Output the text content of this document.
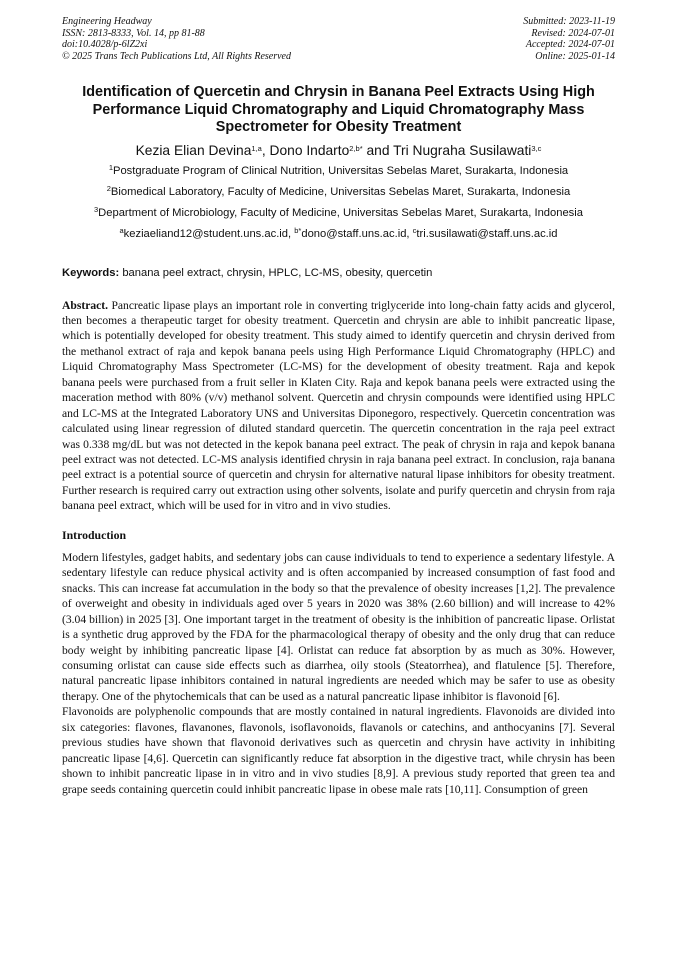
Engineering Headway
ISSN: 2813-8333, Vol. 14, pp 81-88
doi:10.4028/p-6lZ2xi
© 2025 Trans Tech Publications Ltd, All Rights Reserved
Submitted: 2023-11-19
Revised: 2024-07-01
Accepted: 2024-07-01
Online: 2025-01-14
Identification of Quercetin and Chrysin in Banana Peel Extracts Using High Performance Liquid Chromatography and Liquid Chromatography Mass Spectrometer for Obesity Treatment
Kezia Elian Devina$^{1,a}$, Dono Indarto$^{2,b*}$ and Tri Nugraha Susilawati$^{3,c}$
$^1$Postgraduate Program of Clinical Nutrition, Universitas Sebelas Maret, Surakarta, Indonesia
$^2$Biomedical Laboratory, Faculty of Medicine, Universitas Sebelas Maret, Surakarta, Indonesia
$^3$Department of Microbiology, Faculty of Medicine, Universitas Sebelas Maret, Surakarta, Indonesia
$^a$keziaeliand12@student.uns.ac.id, $^{b*}$dono@staff.uns.ac.id, $^c$tri.susilawati@staff.uns.ac.id
Keywords: banana peel extract, chrysin, HPLC, LC-MS, obesity, quercetin
Abstract. Pancreatic lipase plays an important role in converting triglyceride into long-chain fatty acids and glycerol, then becomes a therapeutic target for obesity treatment. Quercetin and chrysin are able to inhibit pancreatic lipase, which is potentially developed for obesity treatment. This study aimed to identify quercetin and chrysin derived from the methanol extract of raja and kepok banana peels using High Performance Liquid Chromatography (HPLC) and Liquid Chromatography Mass Spectrometer (LC-MS) for the development of obesity treatment. Raja and kepok banana peels were purchased from a fruit seller in Klaten City. Raja and kepok banana peels were extracted using the maceration method with 80% (v/v) methanol solvent. Quercetin and chrysin compounds were identified using HPLC and LC-MS at the Integrated Laboratory UNS and Universitas Diponegoro, respectively. Quercetin concentration was calculated using linear regression of diluted standard quercetin. The quercetin concentration in the raja peel extract was 0.338 mg/dL but was not detected in the kepok banana peel extract. The peak of chrysin in raja and kepok banana peel extract was not detected. LC-MS analysis identified chrysin in raja banana peel extract. In conclusion, raja banana peel extract is a potential source of quercetin and chrysin for alternative natural lipase inhibitors for obesity treatment. Further research is required carry out extraction using other solvents, isolate and purify quercetin and chrysin from raja banana peel extract, which will be used for in vitro and in vivo studies.
Introduction
Modern lifestyles, gadget habits, and sedentary jobs can cause individuals to tend to experience a sedentary lifestyle. A sedentary lifestyle can reduce physical activity and is often accompanied by increased consumption of fast food and snacks. This can increase fat accumulation in the body so that the prevalence of obesity increases [1,2]. The prevalence of overweight and obesity in individuals aged over 5 years in 2020 was 38% (2.60 billion) and will increase to 42% (3.04 billion) in 2025 [3]. One important target in the treatment of obesity is the inhibition of pancreatic lipase. Orlistat is a synthetic drug approved by the FDA for the pharmacological therapy of obesity and the only drug that can reduce body weight by inhibiting pancreatic lipase [4]. Orlistat can reduce fat absorption by as much as 30%. However, consuming orlistat can cause side effects such as diarrhea, oily stools (Steatorrhea), and flatulence [5]. Therefore, natural pancreatic lipase inhibitors contained in natural ingredients are needed which may be safer to use as obesity therapy. One of the phytochemicals that can be used as a natural pancreatic lipase inhibitor is flavonoid [6].
Flavonoids are polyphenolic compounds that are mostly contained in natural ingredients. Flavonoids are divided into six categories: flavones, flavanones, flavonols, isoflavonoids, flavanols or catechins, and anthocyanins [7]. Several previous studies have shown that flavonoid derivatives such as quercetin and chrysin have activity in inhibiting pancreatic lipase [4,6]. Quercetin can significantly reduce fat absorption in the digestive tract, while chrysin has been shown to inhibit pancreatic lipase in in vitro and in vivo studies [8,9]. A previous study reported that green tea and grape seeds containing quercetin could inhibit pancreatic lipase in obese male rats [10,11]. Consumption of green
